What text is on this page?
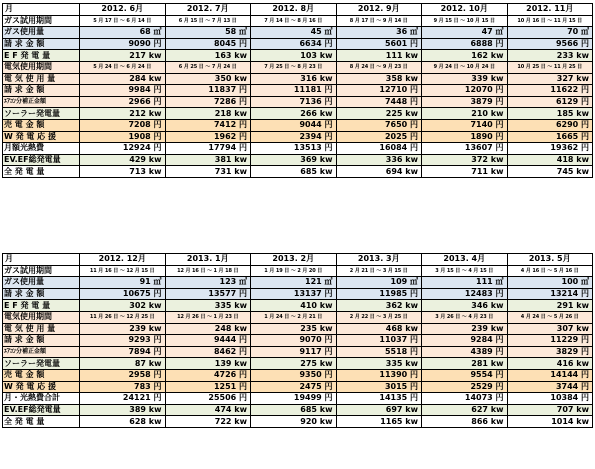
月	2012. 6月	2012. 7月	2012. 8月	2012. 9月	2012. 10月	2012. 11月
ガス試用期間	5 月 17 日 ～ 6 月 14 日	6 月 15 日 ～ 7 月 13 日	7 月 14 日 ～ 8 月 16 日	8 月 17 日 ～ 9 月 14 日	9 月 15 日 ～ 10 月 15 日	10 月 16 日 ～ 11 月 15 日
ガス使用量	68 ㎥	58 ㎥	45 ㎥	36 ㎥	47 ㎥	70 ㎥
請 求 金 額	9090 円	8045 円	6634 円	5601 円	6888 円	9566 円
E F 発 電 量	217 kw	163 kw	103 kw	111 kw	162 kw	233 kw
電気使用期間	5 月 24 日 ～ 6 月 24 日	6 月 25 日 ～ 7 月 24 日	7 月 25 日 ～ 8 月 23 日	8 月 24 日 ～ 9 月 23 日	9 月 24 日 ～ 10 月 24 日	10 月 25 日 ～ 11 月 25 日
電 気 使 用 量	284 kw	350 kw	316 kw	358 kw	339 kw	327 kw
請 求 金 額	9984 円	11837 円	11181 円	12710 円	12070 円	11622 円
ｴｱｺﾝ分補正金額	2966 円	7286 円	7136 円	7448 円	3879 円	6129 円
ソーラー発電量	212 kw	218 kw	266 kw	225 kw	210 kw	185 kw
売 電 金 額	7208 円	7412 円	9044 円	7650 円	7140 円	6290 円
W 発 電 応 援	1908 円	1962 円	2394 円	2025 円	1890 円	1665 円
月額光熱費	12924 円	17794 円	13513 円	16084 円	13607 円	19362 円
EV.EF総発電量	429 kw	381 kw	369 kw	336 kw	372 kw	418 kw
全 発 電 量	713 kw	731 kw	685 kw	694 kw	711 kw	745 kw
月	2012. 12月	2013. 1月	2013. 2月	2013. 3月	2013. 4月	2013. 5月
ガス試用期間	11 月 16 日 ～ 12 月 15 日	12 月 16 日 ～ 1 月 18 日	1 月 19 日 ～ 2 月 20 日	2 月 21 日 ～ 3 月 15 日	3 月 15 日 ～ 4 月 15 日	4 月 16 日 ～ 5 月 16 日
ガス使用量	91 ㎥	123 ㎥	121 ㎥	109 ㎥	111 ㎥	100 ㎥
請 求 金 額	10675 円	13577 円	13137 円	11985 円	12483 円	13214 円
E F 発 電 量	302 kw	335 kw	410 kw	362 kw	346 kw	291 kw
電気使用期間	11 月 26 日 ～ 12 月 25 日	12 月 26 日 ～ 1 月 23 日	1 月 24 日 ～ 2 月 21 日	2 月 22 日 ～ 3 月 25 日	3 月 26 日 ～ 4 月 23 日	4 月 24 日 ～ 5 月 26 日
電 気 使 用 量	239 kw	248 kw	235 kw	468 kw	239 kw	307 kw
請 求 金 額	9293 円	9444 円	9070 円	11037 円	9284 円	11229 円
ｴｱｺﾝ分補正金額	7894 円	8462 円	9117 円	5518 円	4389 円	3829 円
ソーラー発電量	87 kw	139 kw	275 kw	335 kw	281 kw	416 kw
売 電 金 額	2958 円	4726 円	9350 円	11390 円	9554 円	14144 円
W 発 電 応 援	783 円	1251 円	2475 円	3015 円	2529 円	3744 円
月・光熱費合計	24121 円	25506 円	19499 円	14135 円	14073 円	10384 円
EV.EF総発電量	389 kw	474 kw	685 kw	697 kw	627 kw	707 kw
全 発 電 量	628 kw	722 kw	920 kw	1165 kw	866 kw	1014 kw
